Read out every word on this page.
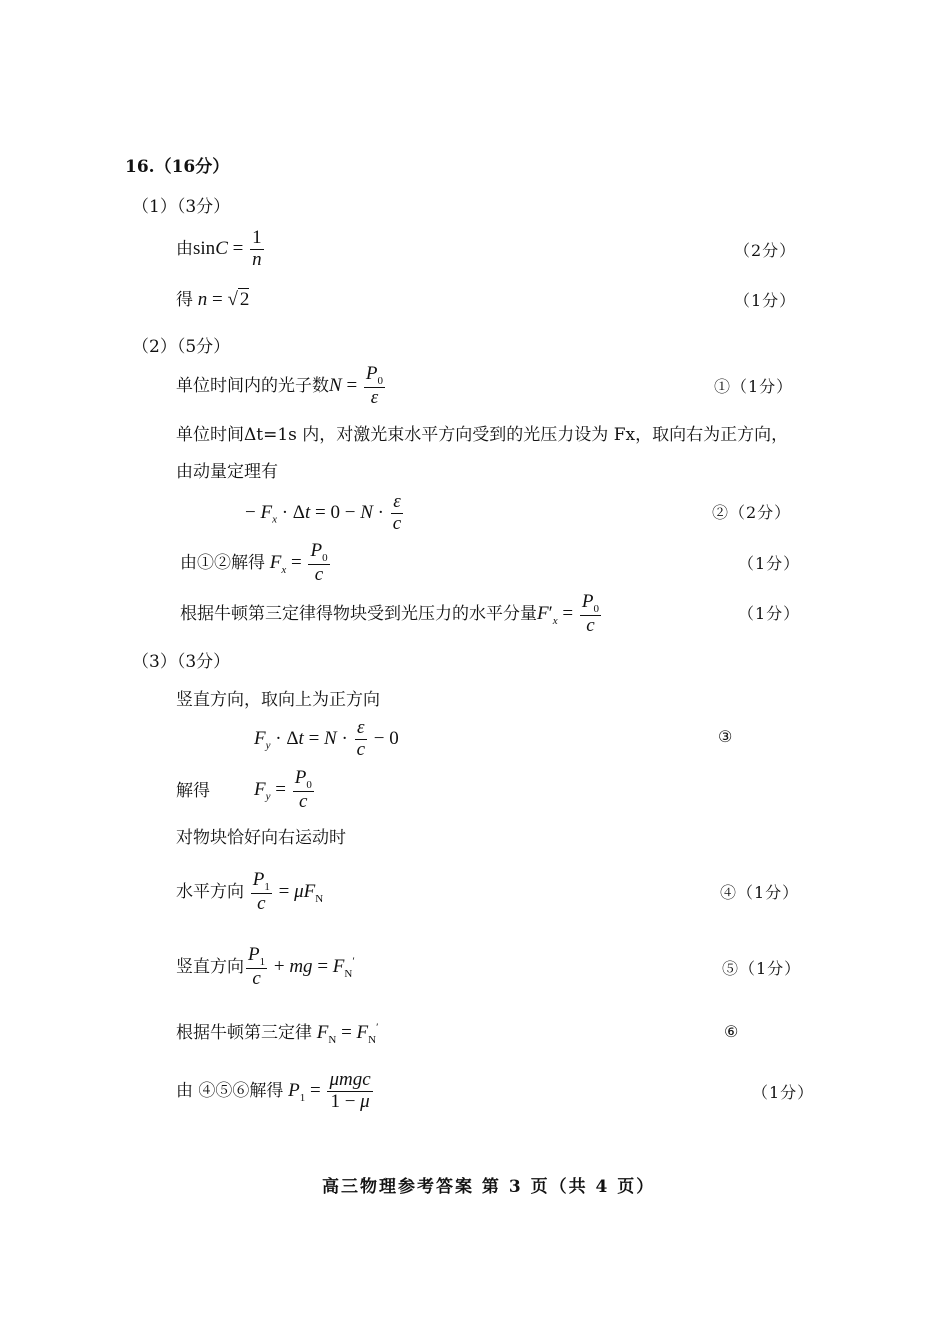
16.（16分）
（1）（3分）
由$\sin C = \frac{1}{n}$	（2分）
得 n = √ 2	（1分）
（2）（5分）
单位时间内的光子数$N = \frac{P_0}{\varepsilon}$	①（1分）
单位时间Δt=1s 内，对激光束水平方向受到的光压力设为 Fx，取向右为正方向，
由动量定理有
− $F_x \cdot \Delta t = 0 - N \cdot \frac{\varepsilon}{c}$	②（2分）
由①②解得 $F_x = \frac{P_0}{c}$	（1分）
根据牛顿第三定律得物块受到光压力的水平分量$F'_x = \frac{P_0}{c}$	（1分）
（3）（3分）
竖直方向，取向上为正方向
$F_y \cdot \Delta t = N \cdot \frac{\varepsilon}{c} - 0$	③
解得 $F_y = \frac{P_0}{c}$
对物块恰好向右运动时
水平方向 $\frac{P_1}{c} = \mu F_N$	④（1分）
竖直方向 $\frac{P_1}{c}$ + mg = $F_N'$	⑤（1分）
根据牛顿第三定律 $F_N = F_N'$	⑥
由 ④⑤⑥解得 $P_1 = \frac{\text{μmgc}}{1 - \mu}$	（1分）
高三物理参考答案 第 3 页（共 4 页）
